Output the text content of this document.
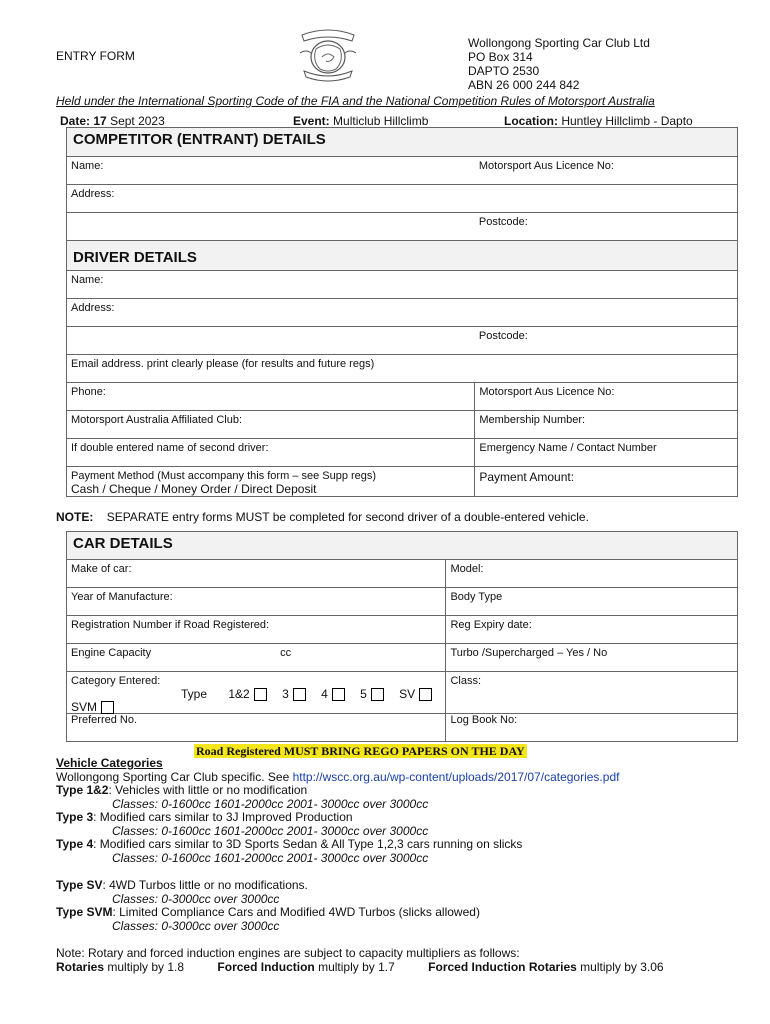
ENTRY FORM
Wollongong Sporting Car Club Ltd
PO Box 314
DAPTO 2530
ABN 26 000 244 842
Held under the International Sporting Code of the FIA and the National Competition Rules of Motorsport Australia
Date: 17 Sept 2023	Event: Multiclub Hillclimb	Location: Huntley Hillclimb - Dapto
COMPETITOR (ENTRANT) DETAILS	
Name:	Motorsport Aus Licence No:
Address:	
	Postcode:
DRIVER DETAILS	
Name:	
Address:	
	Postcode:
Email address. print clearly please (for results and future regs)	
Phone:	Motorsport Aus Licence No:
Motorsport Australia Affiliated Club:	Membership Number:
If double entered name of second driver:	Emergency Name / Contact Number

Payment Method (Must accompany this form – see Supp regs)
Cash / Cheque / Money Order / Direct Deposit	Payment Amount:
NOTE: SEPARATE entry forms MUST be completed for second driver of a double-entered vehicle.
CAR DETAILS	
Make of car:	Model:
Year of Manufacture:	Body Type
Registration Number if Road Registered:	Reg Expiry date:
Engine Capacity cc	Turbo /Supercharged – Yes / No

Category Entered:
Type 1&2 3 4 5 SV
SVM	Class:
Preferred No.	Log Book No:
Road Registered MUST BRING REGO PAPERS ON THE DAY
Vehicle Categories
Wollongong Sporting Car Club specific. See http://wscc.org.au/wp-content/uploads/2017/07/categories.pdf
Type 1&2: Vehicles with little or no modification
Classes: 0-1600cc 1601-2000cc 2001- 3000cc over 3000cc
Type 3: Modified cars similar to 3J Improved Production
Classes: 0-1600cc 1601-2000cc 2001- 3000cc over 3000cc
Type 4: Modified cars similar to 3D Sports Sedan & All Type 1,2,3 cars running on slicks
Classes: 0-1600cc 1601-2000cc 2001- 3000cc over 3000cc
Type SV: 4WD Turbos little or no modifications.
Classes: 0-3000cc over 3000cc
Type SVM: Limited Compliance Cars and Modified 4WD Turbos (slicks allowed)
Classes: 0-3000cc over 3000cc
Note: Rotary and forced induction engines are subject to capacity multipliers as follows:
Rotaries multiply by 1.8	Forced Induction multiply by 1.7	Forced Induction Rotaries multiply by 3.06
